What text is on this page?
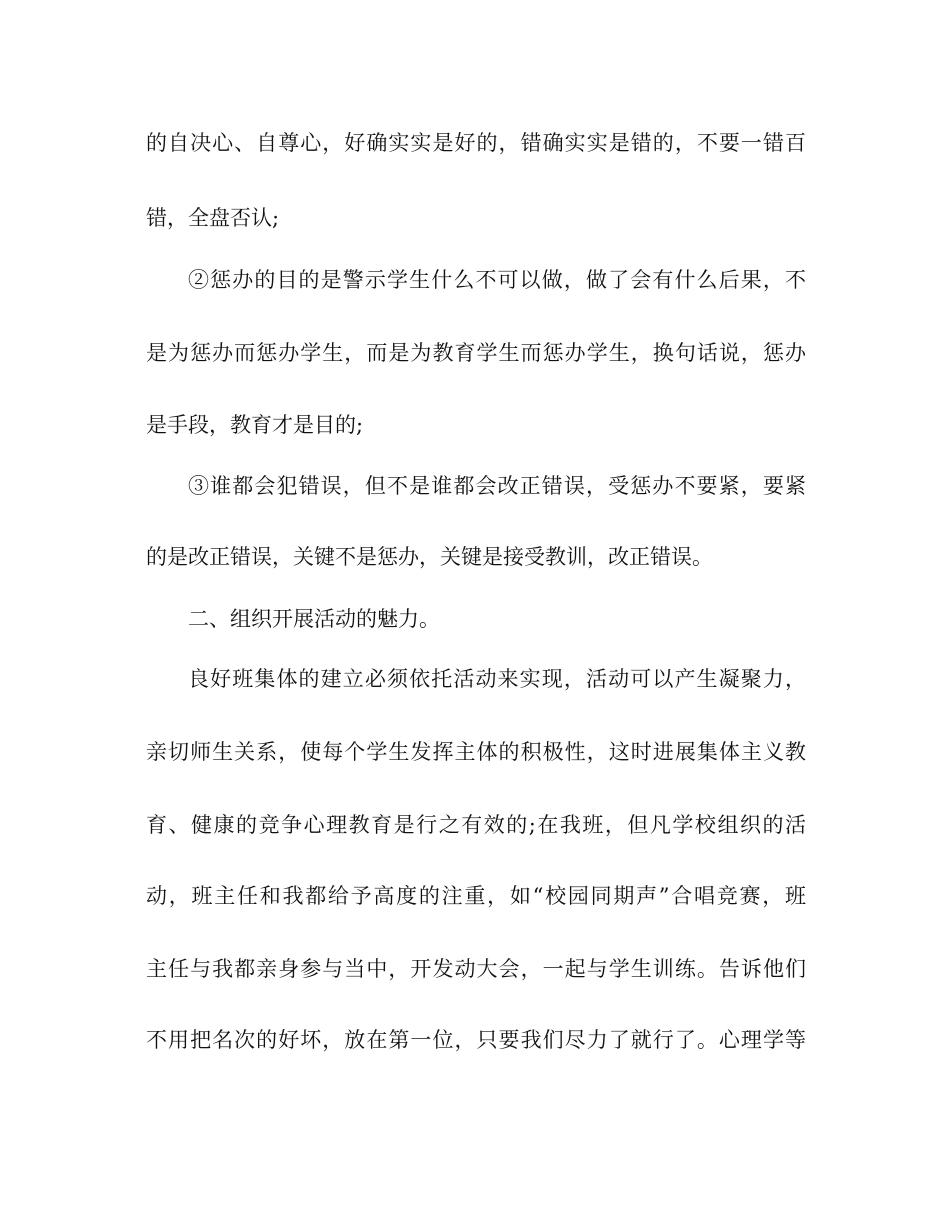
的自决心、自尊心，好确实实是好的，错确实实是错的，不要一错百
错，全盘否认;
②惩办的目的是警示学生什么不可以做，做了会有什么后果，不
是为惩办而惩办学生，而是为教育学生而惩办学生，换句话说，惩办
是手段，教育才是目的;
③谁都会犯错误，但不是谁都会改正错误，受惩办不要紧，要紧
的是改正错误，关键不是惩办，关键是接受教训，改正错误。
二、组织开展活动的魅力。
良好班集体的建立必须依托活动来实现，活动可以产生凝聚力，
亲切师生关系，使每个学生发挥主体的积极性，这时进展集体主义教
育、健康的竞争心理教育是行之有效的;在我班，但凡学校组织的活
动，班主任和我都给予高度的注重，如“校园同期声”合唱竞赛，班
主任与我都亲身参与当中，开发动大会，一起与学生训练。告诉他们
不用把名次的好坏，放在第一位，只要我们尽力了就行了。心理学等
